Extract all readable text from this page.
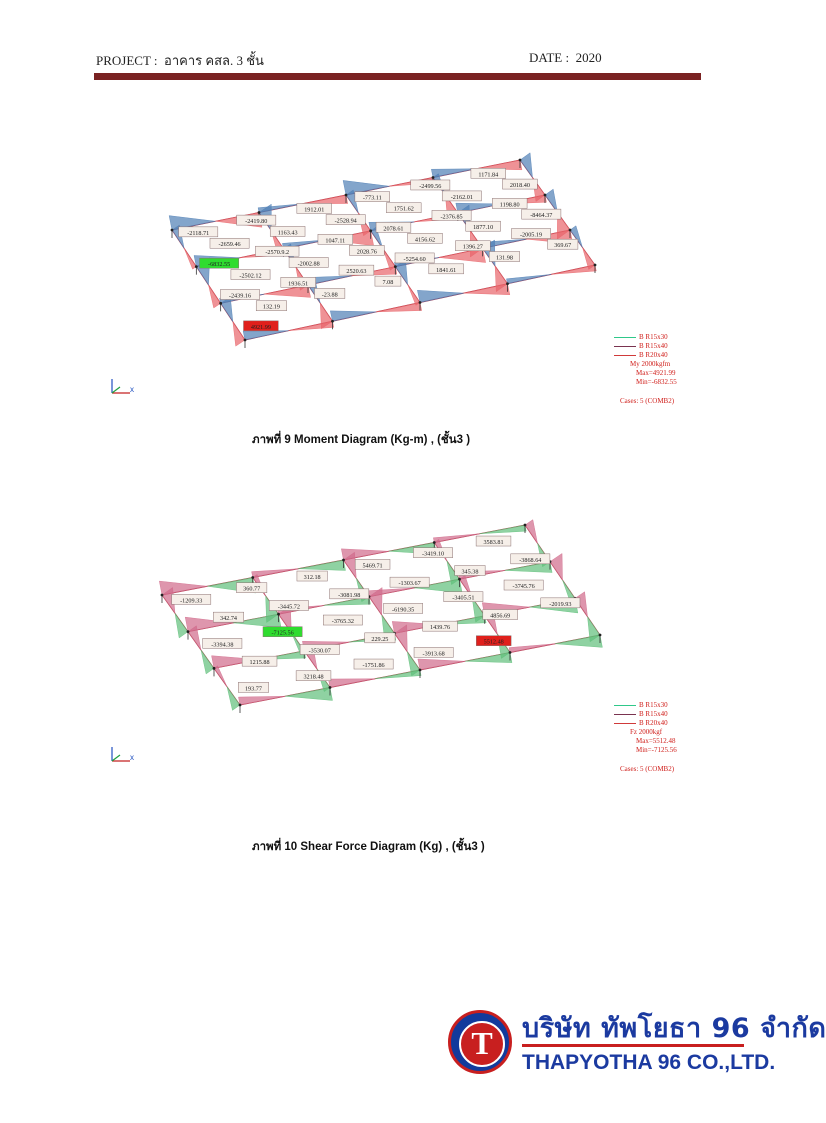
PROJECT : อาคาร คสล. 3 ชั้น	DATE : 2020
-2118.71
-2419.80
1912.01
-773.11
-2499.56
1171.84
-2659.46
1163.43
-2528.94
1751.62
-2162.01
2018.40
-6832.55
-2570.9.2
1047.11
2078.61
-2376.85
1198.80
-2502.12
-2002.88
2028.76
4156.62
1877.10
-8464.37
-2439.16
1936.51
2520.63
-5254.60
1396.27
-2005.19
132.19
-23.88
7.08
1841.61
131.98
369.67
4921.99
B R15x30
B R15x40
B R20x40
My 2000kgfm
Max=4921.99
Min=-6832.55
Cases: 5 (COMB2)
x
ภาพที่ 9 Moment Diagram (Kg-m) , (ชั้น3 )
-1209.33
360.77
312.18
5469.71
-3419.10
3583.81
342.74
-3445.72
-3081.98
-1303.67
345.38
-3868.64
-3394.38
-7125.56
-3765.32
-6190.35
-3405.51
-3745.76
1215.88
-3530.07
229.25
1439.76
4856.69
-2019.93
193.77
3218.48
-1751.86
-3913.68
5512.48
B R15x30
B R15x40
B R20x40
Fz 2000kgf
Max=5512.48
Min=-7125.56
Cases: 5 (COMB2)
x
ภาพที่ 10 Shear Force Diagram (Kg) , (ชั้น3 )
T	บริษัท ทัพโยธา 96 จำกัด
THAPYOTHA 96 CO.,LTD.
